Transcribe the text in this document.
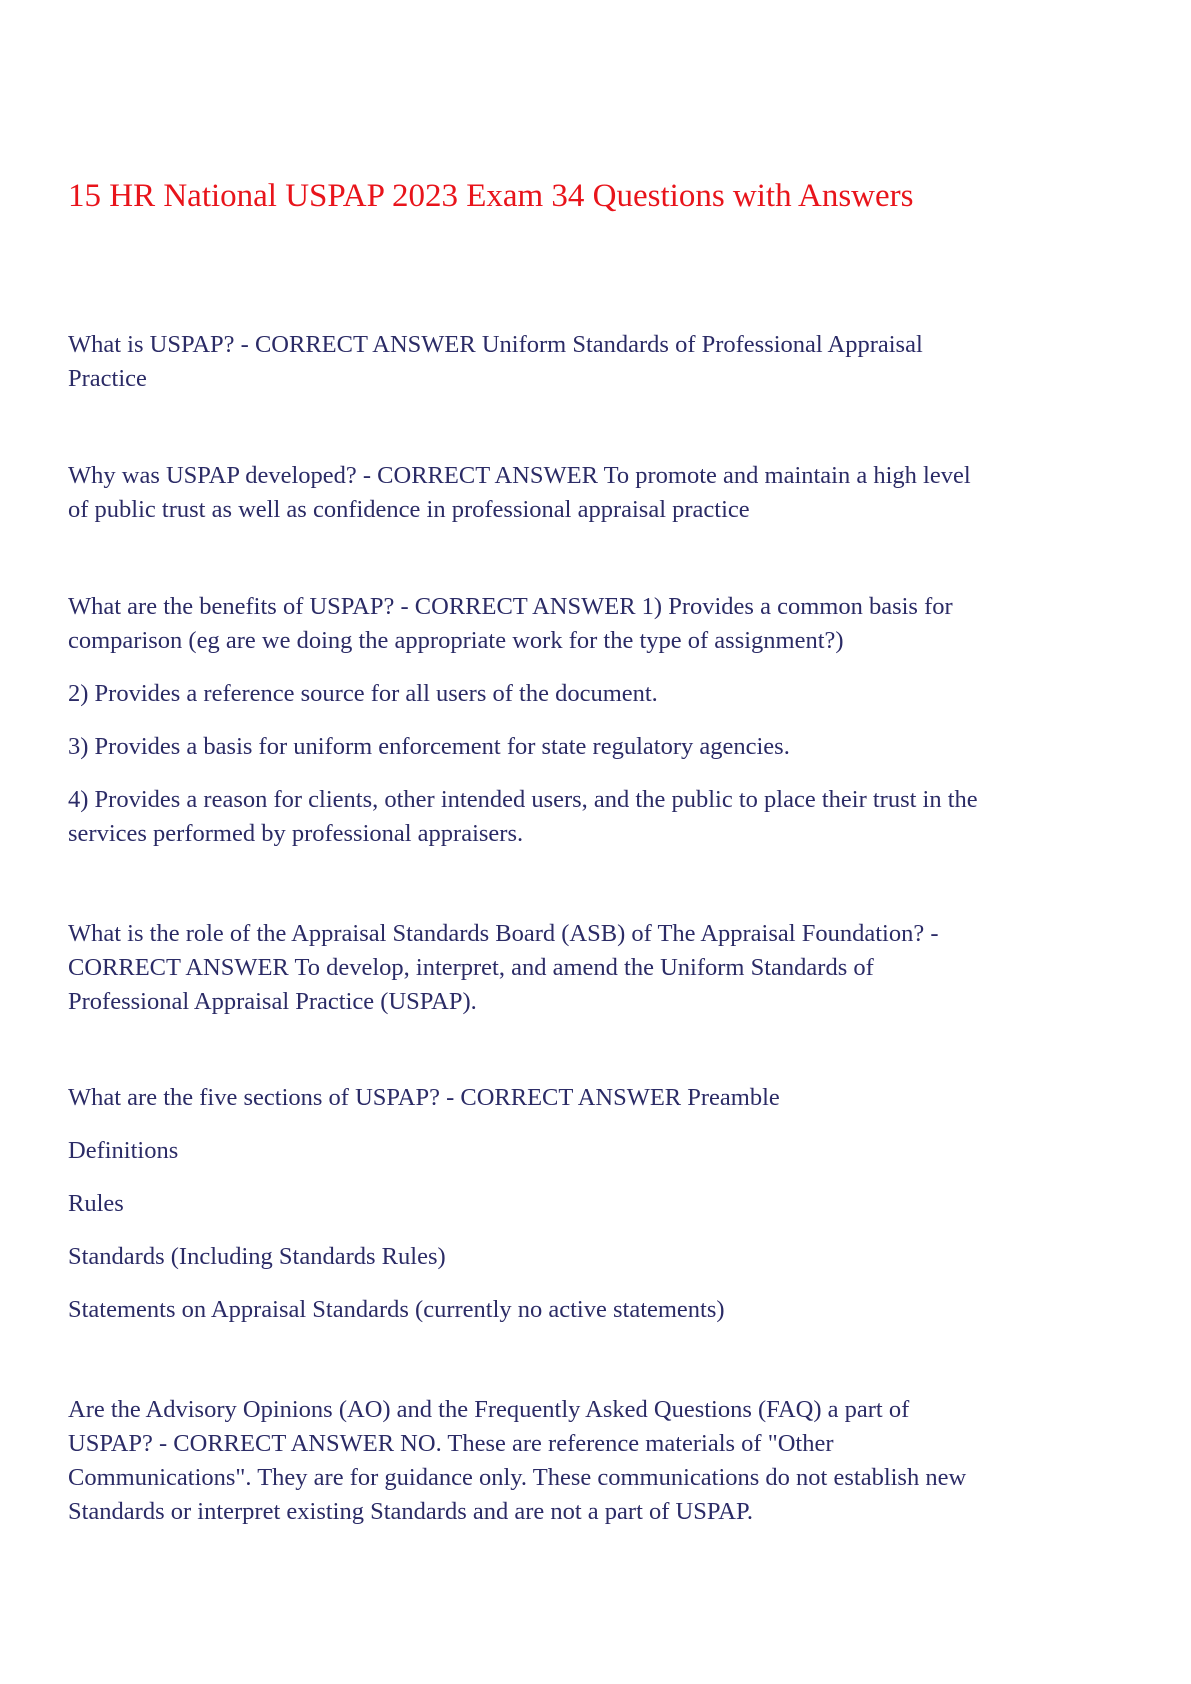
15 HR National USPAP 2023 Exam 34 Questions with Answers

What is USPAP? - CORRECT ANSWER Uniform Standards of Professional Appraisal
Practice

Why was USPAP developed? - CORRECT ANSWER To promote and maintain a high level
of public trust as well as confidence in professional appraisal practice

What are the benefits of USPAP? - CORRECT ANSWER 1) Provides a common basis for
comparison (eg are we doing the appropriate work for the type of assignment?)

2) Provides a reference source for all users of the document.

3) Provides a basis for uniform enforcement for state regulatory agencies.

4) Provides a reason for clients, other intended users, and the public to place their trust in the
services performed by professional appraisers.

What is the role of the Appraisal Standards Board (ASB) of The Appraisal Foundation? -
CORRECT ANSWER To develop, interpret, and amend the Uniform Standards of
Professional Appraisal Practice (USPAP).

What are the five sections of USPAP? - CORRECT ANSWER Preamble

Definitions

Rules

Standards (Including Standards Rules)

Statements on Appraisal Standards (currently no active statements)

Are the Advisory Opinions (AO) and the Frequently Asked Questions (FAQ) a part of
USPAP? - CORRECT ANSWER NO. These are reference materials of "Other
Communications". They are for guidance only. These communications do not establish new
Standards or interpret existing Standards and are not a part of USPAP.
